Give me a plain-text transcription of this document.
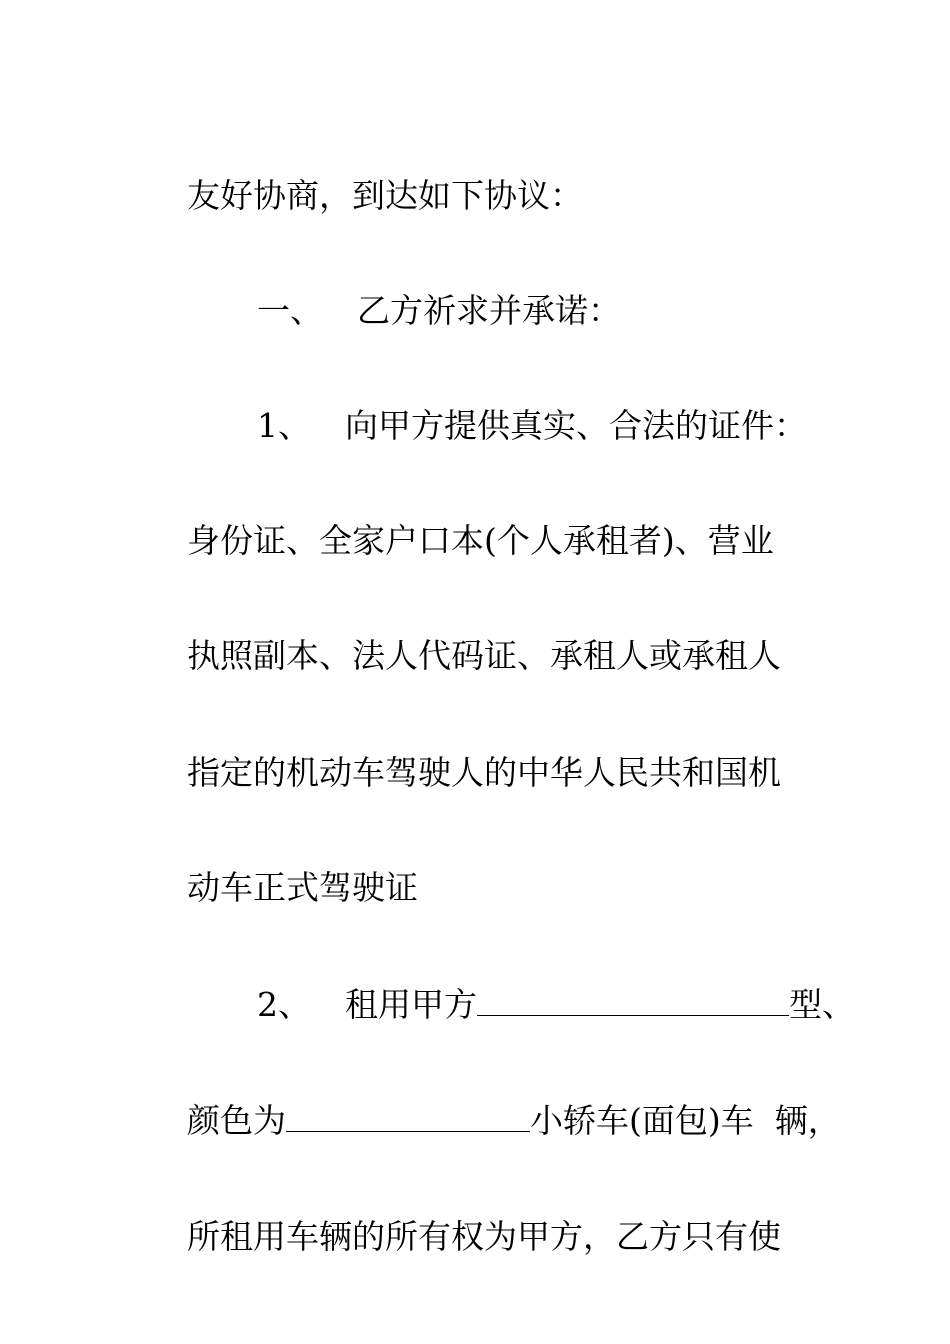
友好协商，到达如下协议：

一、 乙方祈求并承诺：

1、 向甲方提供真实、合法的证件：

身份证、全家户口本(个人承租者)、营业

执照副本、法人代码证、承租人或承租人

指定的机动车驾驶人的中华人民共和国机

动车正式驾驶证

2、 租用甲方	型、

颜色为	小轿车(面包)车  辆，

所租用车辆的所有权为甲方，乙方只有使
